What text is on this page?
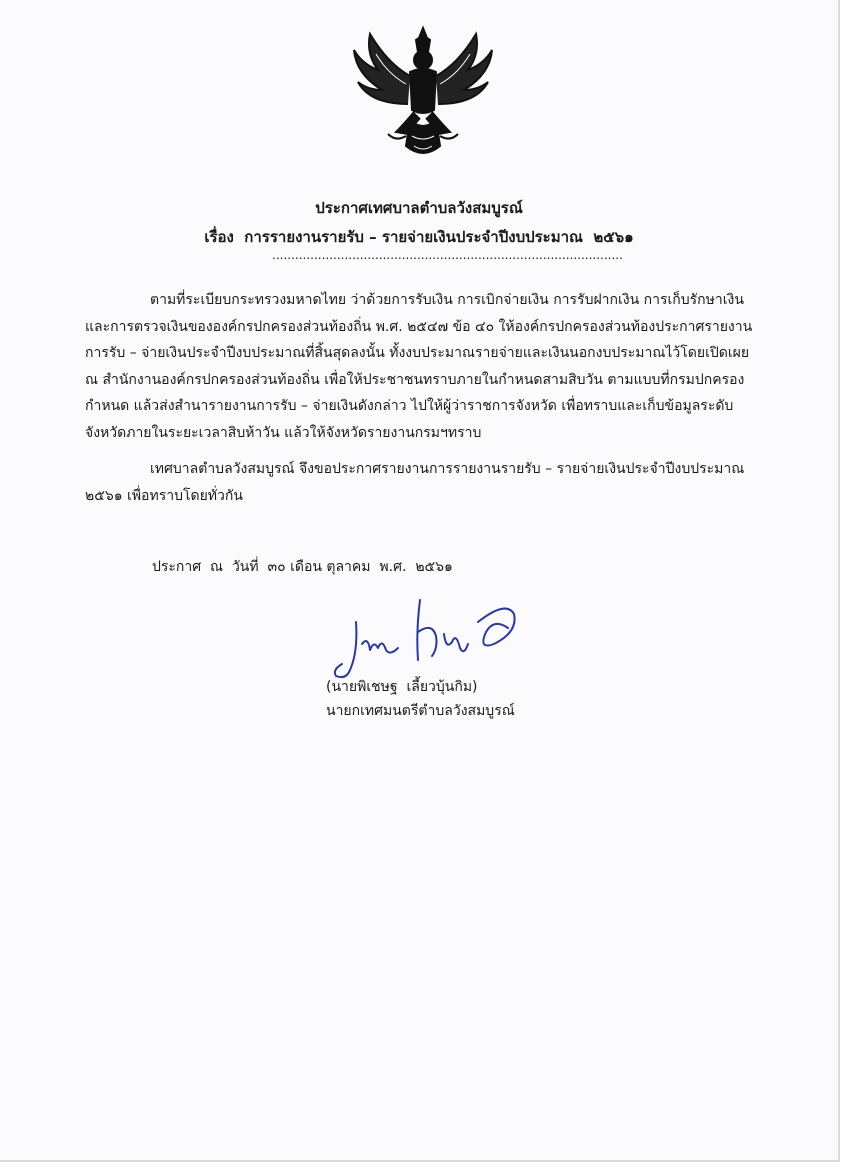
ประกาศเทศบาลตำบลวังสมบูรณ์
เรื่อง  การรายงานรายรับ – รายจ่ายเงินประจำปีงบประมาณ  ๒๕๖๑
............................................................................................
ตามที่ระเบียบกระทรวงมหาดไทย ว่าด้วยการรับเงิน การเบิกจ่ายเงิน การรับฝากเงิน การเก็บรักษาเงิน
และการตรวจเงินขององค์กรปกครองส่วนท้องถิ่น พ.ศ. ๒๕๔๗ ข้อ ๔๐ ให้องค์กรปกครองส่วนท้องประกาศรายงาน
การรับ – จ่ายเงินประจำปีงบประมาณที่สิ้นสุดลงนั้น ทั้งงบประมาณรายจ่ายและเงินนอกงบประมาณไว้โดยเปิดเผย
ณ สำนักงานองค์กรปกครองส่วนท้องถิ่น เพื่อให้ประชาชนทราบภายในกำหนดสามสิบวัน ตามแบบที่กรมปกครอง
กำหนด แล้วส่งสำนารายงานการรับ – จ่ายเงินดังกล่าว ไปให้ผู้ว่าราชการจังหวัด เพื่อทราบและเก็บข้อมูลระดับ
จังหวัดภายในระยะเวลาสิบห้าวัน แล้วให้จังหวัดรายงานกรมฯทราบ
เทศบาลตำบลวังสมบูรณ์ จึงขอประกาศรายงานการรายงานรายรับ – รายจ่ายเงินประจำปีงบประมาณ
๒๕๖๑ เพื่อทราบโดยทั่วกัน
ประกาศ  ณ  วันที่  ๓๐ เดือน ตุลาคม  พ.ศ.  ๒๕๖๑
(นายพิเชษฐ  เลี้ยวบุ้นกิม)
นายกเทศมนตรีตำบลวังสมบูรณ์
